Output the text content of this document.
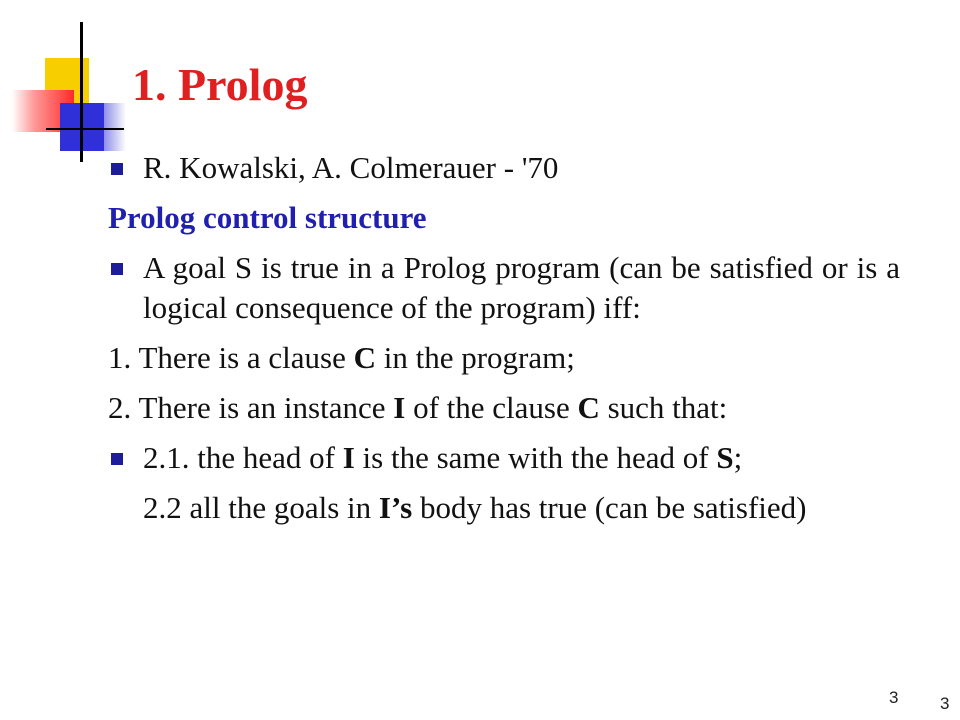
1. Prolog
R. Kowalski, A. Colmerauer - '70
Prolog control structure
A goal S is true in a Prolog program (can be satisfied or is a logical consequence of the program) iff:
1. There is a clause C in the program;
2. There is an instance I of the clause C such that:
2.1. the head of I is the same with the head of S;
2.2 all the goals in I’s body has true (can be satisfied)
3 3
